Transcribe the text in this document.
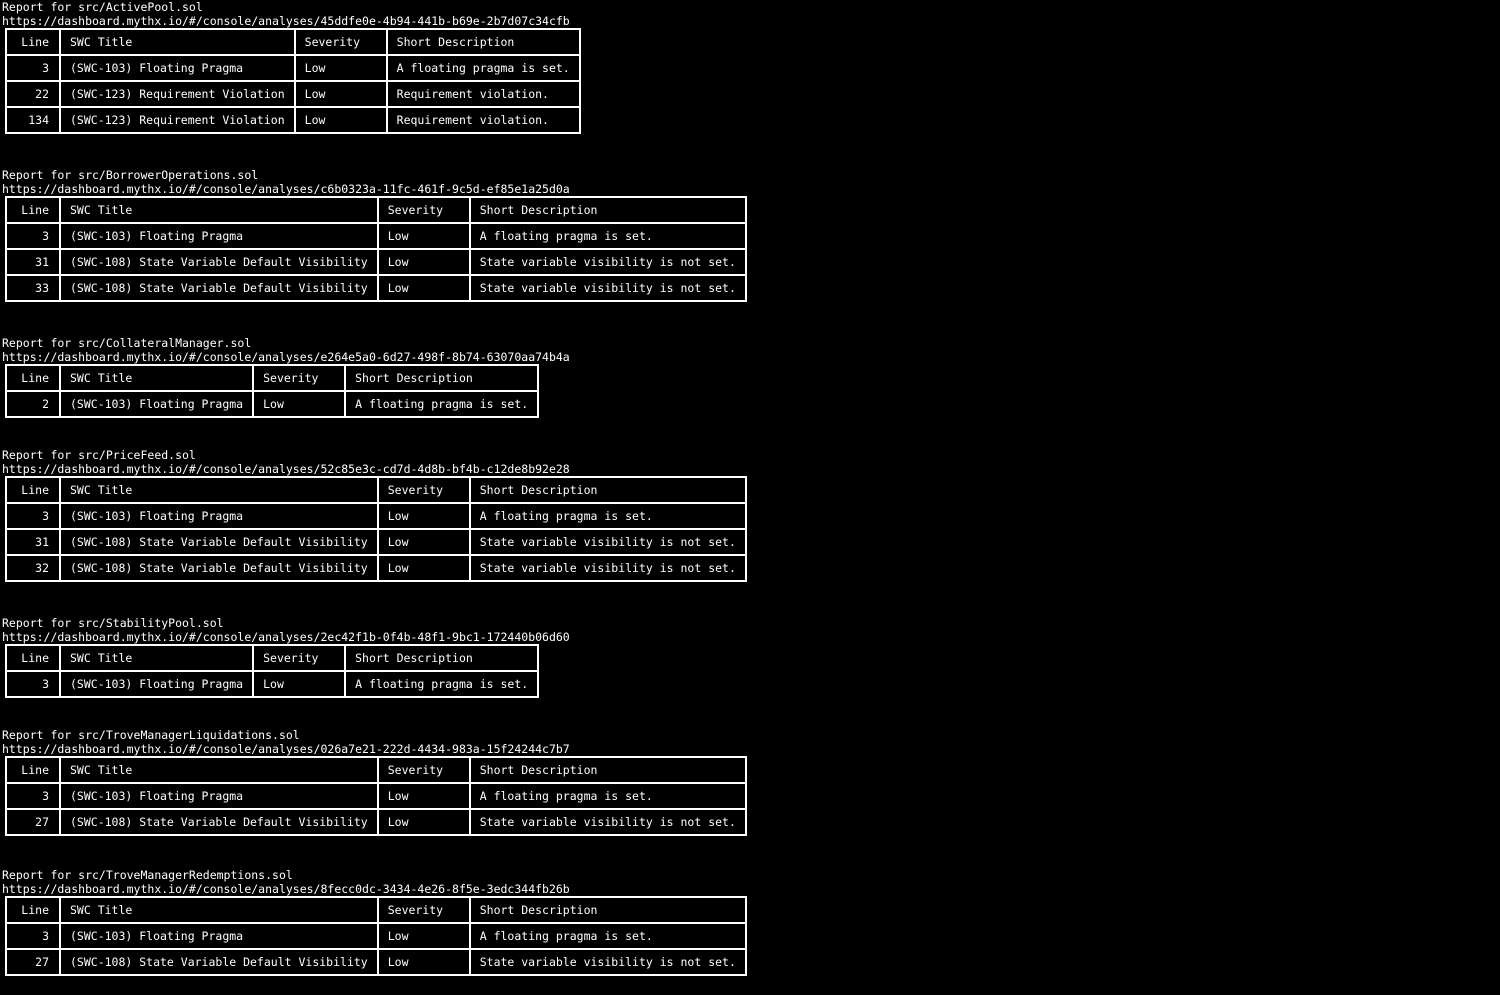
Report for src/ActivePool.sol
https://dashboard.mythx.io/#/console/analyses/45ddfe0e-4b94-441b-b69e-2b7d07c34cfb
Line	SWC Title	Severity	Short Description
3	(SWC-103) Floating Pragma	Low	A floating pragma is set.
22	(SWC-123) Requirement Violation	Low	Requirement violation.
134	(SWC-123) Requirement Violation	Low	Requirement violation.
Report for src/BorrowerOperations.sol
https://dashboard.mythx.io/#/console/analyses/c6b0323a-11fc-461f-9c5d-ef85e1a25d0a
Line	SWC Title	Severity	Short Description
3	(SWC-103) Floating Pragma	Low	A floating pragma is set.
31	(SWC-108) State Variable Default Visibility	Low	State variable visibility is not set.
33	(SWC-108) State Variable Default Visibility	Low	State variable visibility is not set.
Report for src/CollateralManager.sol
https://dashboard.mythx.io/#/console/analyses/e264e5a0-6d27-498f-8b74-63070aa74b4a
Line	SWC Title	Severity	Short Description
2	(SWC-103) Floating Pragma	Low	A floating pragma is set.
Report for src/PriceFeed.sol
https://dashboard.mythx.io/#/console/analyses/52c85e3c-cd7d-4d8b-bf4b-c12de8b92e28
Line	SWC Title	Severity	Short Description
3	(SWC-103) Floating Pragma	Low	A floating pragma is set.
31	(SWC-108) State Variable Default Visibility	Low	State variable visibility is not set.
32	(SWC-108) State Variable Default Visibility	Low	State variable visibility is not set.
Report for src/StabilityPool.sol
https://dashboard.mythx.io/#/console/analyses/2ec42f1b-0f4b-48f1-9bc1-172440b06d60
Line	SWC Title	Severity	Short Description
3	(SWC-103) Floating Pragma	Low	A floating pragma is set.
Report for src/TroveManagerLiquidations.sol
https://dashboard.mythx.io/#/console/analyses/026a7e21-222d-4434-983a-15f24244c7b7
Line	SWC Title	Severity	Short Description
3	(SWC-103) Floating Pragma	Low	A floating pragma is set.
27	(SWC-108) State Variable Default Visibility	Low	State variable visibility is not set.
Report for src/TroveManagerRedemptions.sol
https://dashboard.mythx.io/#/console/analyses/8fecc0dc-3434-4e26-8f5e-3edc344fb26b
Line	SWC Title	Severity	Short Description
3	(SWC-103) Floating Pragma	Low	A floating pragma is set.
27	(SWC-108) State Variable Default Visibility	Low	State variable visibility is not set.
